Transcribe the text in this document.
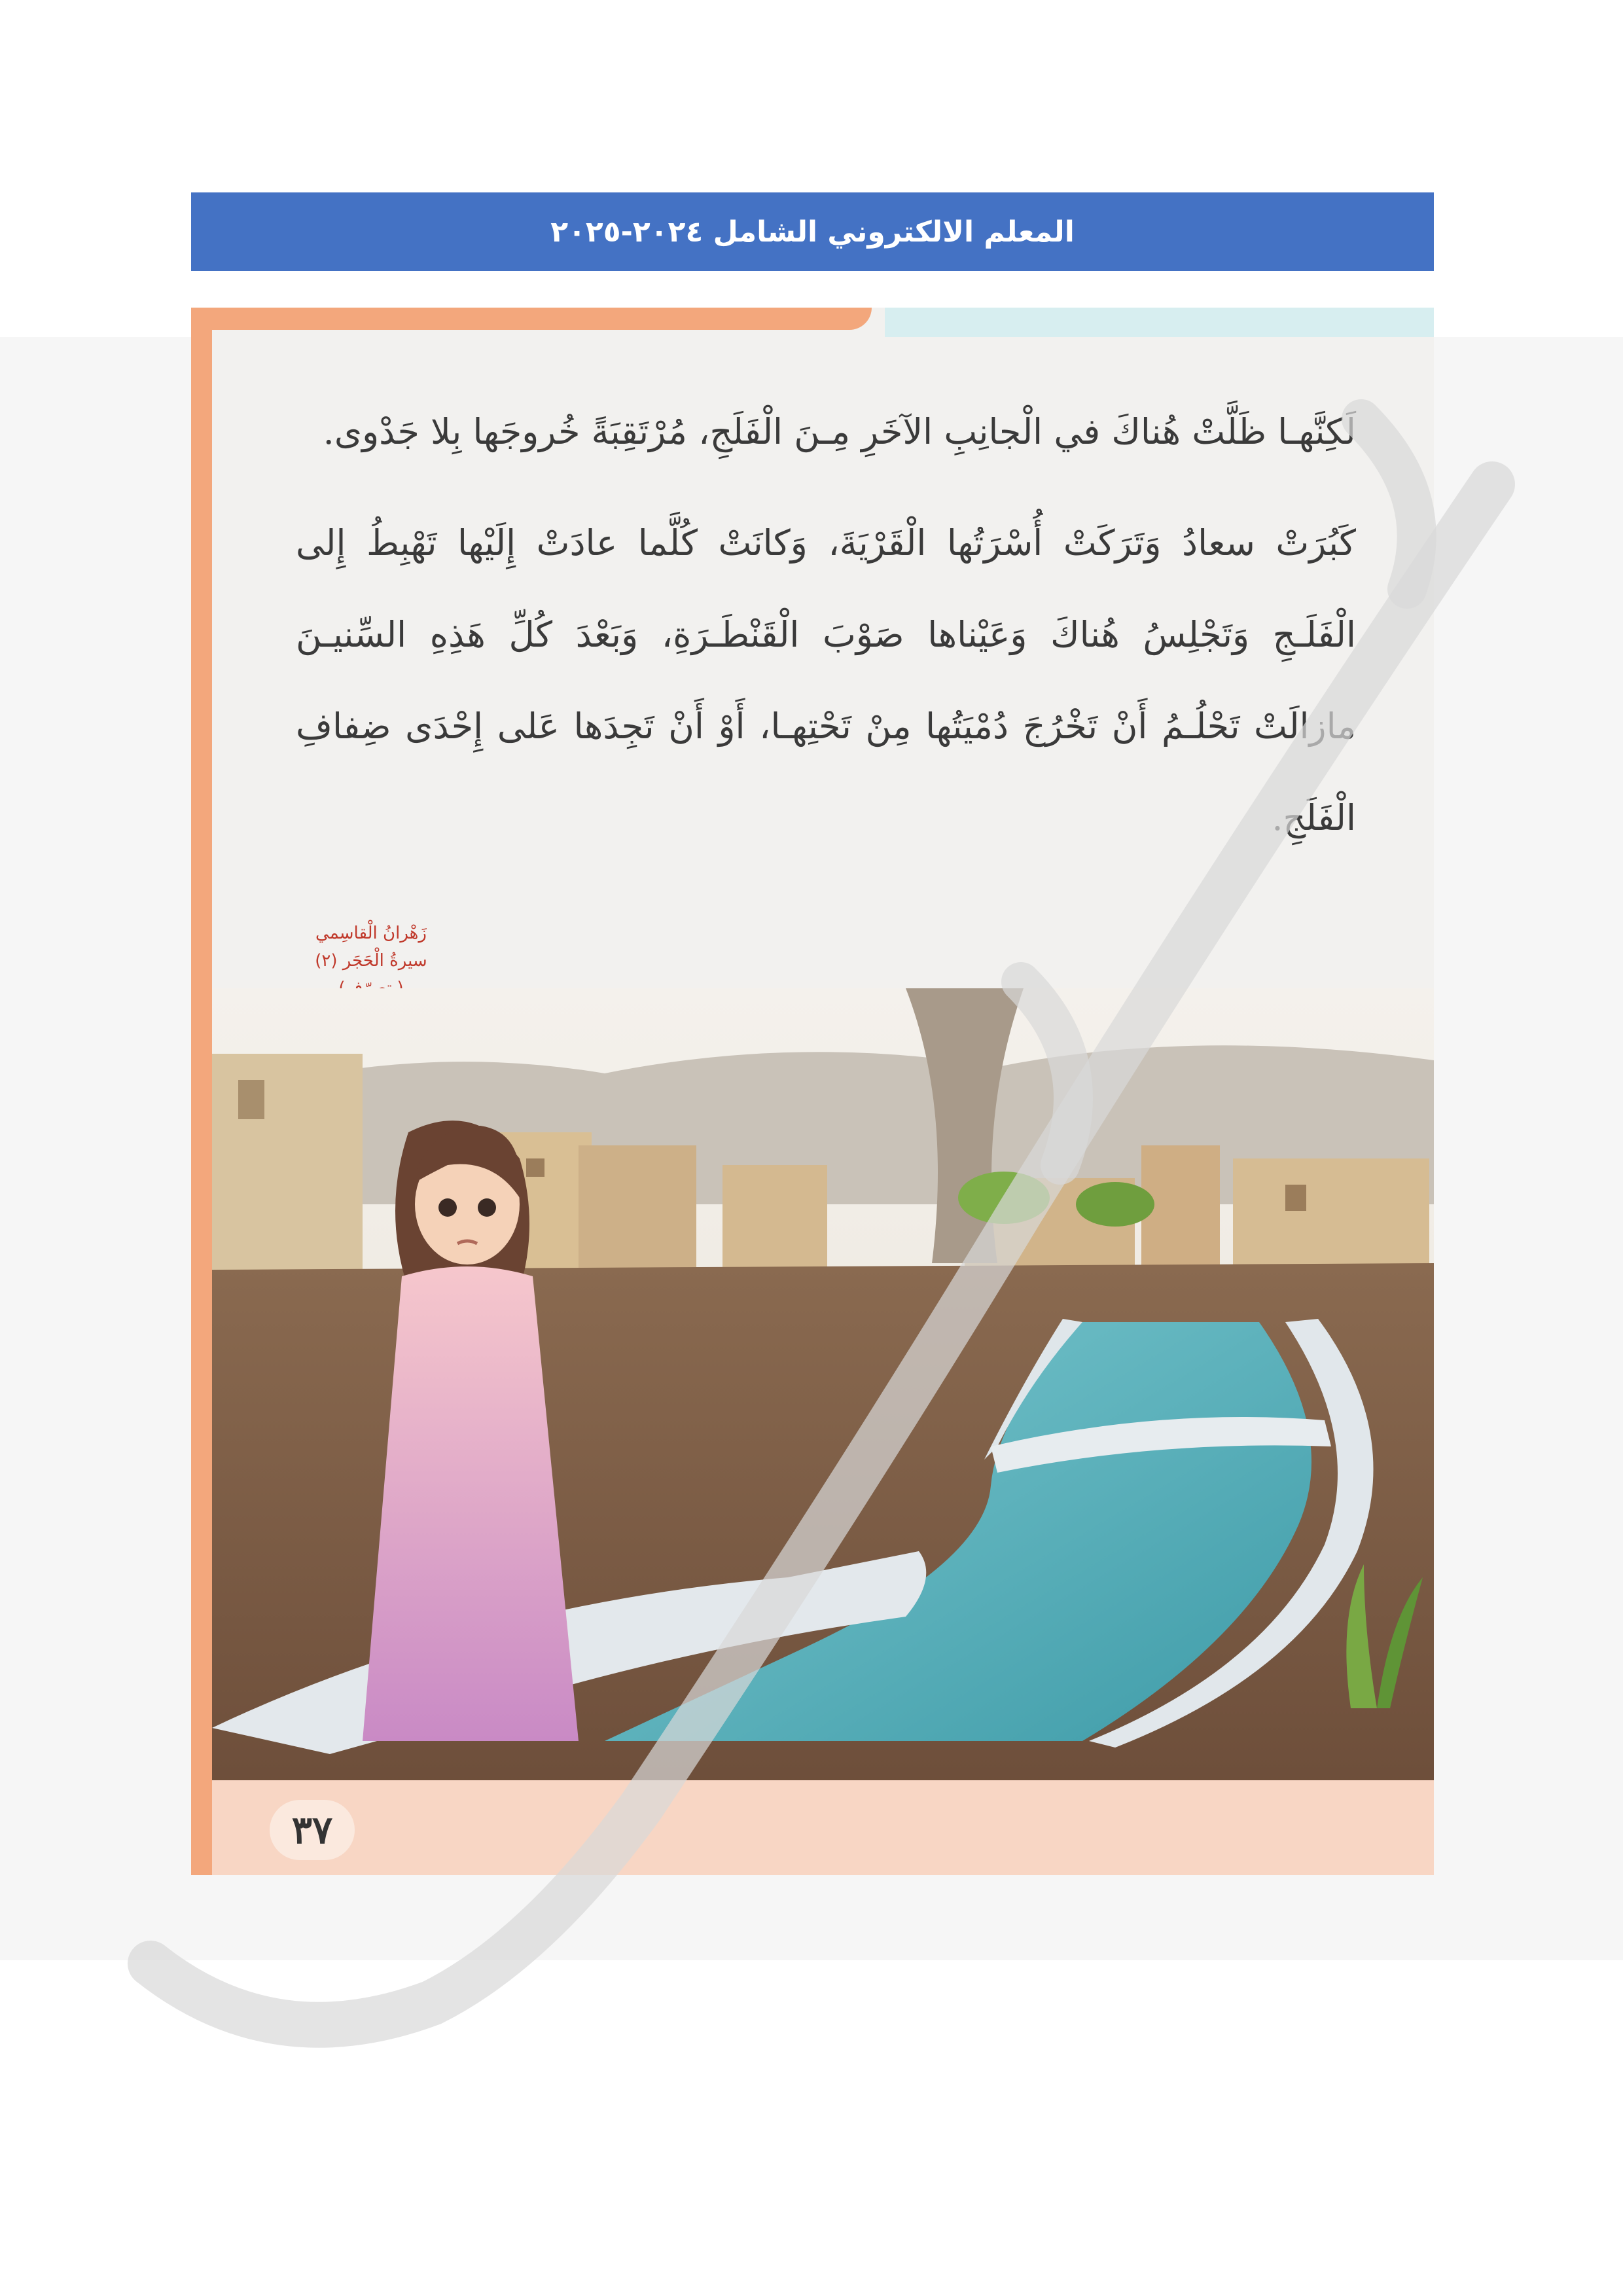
المعلم الالكتروني الشامل ٢٠٢٤-٢٠٢٥

لَكِنَّهـا ظَلَّتْ هُناكَ في الْجانِبِ الآخَرِ مِـنَ الْفَلَجِ، مُرْتَقِبَةً خُروجَها بِلا جَدْوى.

كَبُرَتْ سعادُ وَتَرَكَتْ أُسْرَتُها الْقَرْيَةَ، وَكانَتْ كُلَّما عادَتْ إِلَيْها تَهْبِطُ إِلى الْفَلَـجِ وَتَجْلِسُ هُناكَ وَعَيْناها صَوْبَ الْقَنْطَـرَةِ، وَبَعْدَ كُلِّ هَذِهِ السِّنيـنَ مازالَتْ تَحْلُـمُ أَنْ تَخْرُجَ دُمْيَتُها مِنْ تَحْتِهـا، أَوْ أَنْ تَجِدَها عَلى إِحْدَى ضِفافِ الْفَلَجِ.

زَهْرانُ الْقاسِمي
سيرةُ الْحَجَر (٢)
٣٧
